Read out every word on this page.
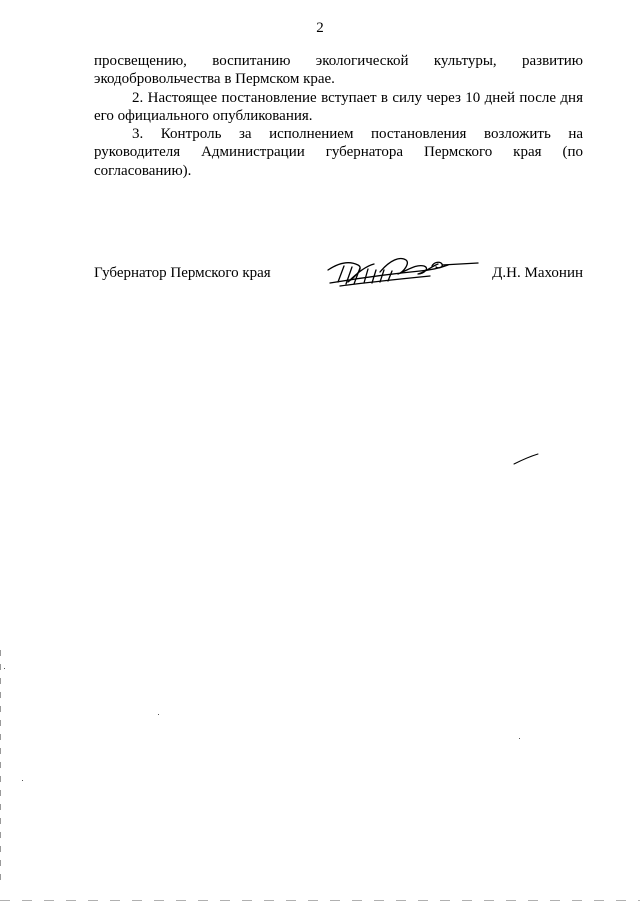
2

просвещению, воспитанию экологической культуры, развитию экодобровольчества в Пермском крае.

2. Настоящее постановление вступает в силу через 10 дней после дня его официального опубликования.

3. Контроль за исполнением постановления возложить на руководителя Администрации губернатора Пермского края (по согласованию).

Губернатор Пермского края	Д.Н. Махонин
